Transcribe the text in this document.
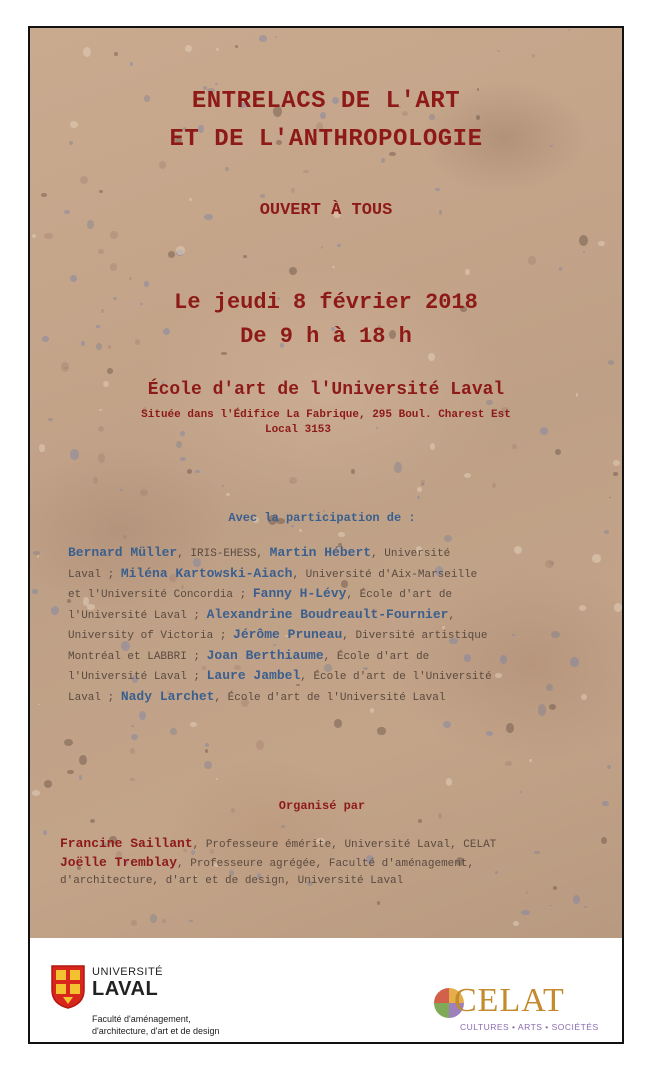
ENTRELACS DE L'ART

ET DE L'ANTHROPOLOGIE

OUVERT À TOUS

Le jeudi 8 février 2018

De 9 h à 18 h

École d'art de l'Université Laval

Située dans l'Édifice La Fabrique, 295 Boul. Charest Est

Local 3153

Avec la participation de :

Bernard Müller, IRIS-EHESS, Martin Hébert, Université

Laval ; Miléna Kartowski-Aiach, Université d'Aix-Marseille

et l'Université Concordia ; Fanny H-Lévy, École d'art de

l'Université Laval ; Alexandrine Boudreault-Fournier,

University of Victoria ; Jérôme Pruneau, Diversité artistique

Montréal et LABBRI ; Joan Berthiaume, École d'art de

l'Université Laval ; Laure Jambel, École d'art de l'Université

Laval ; Nady Larchet, École d'art de l'Université Laval

Organisé par

Francine Saillant, Professeure émérite, Université Laval, CELAT

Joëlle Tremblay, Professeure agrégée, Faculté d'aménagement,

d'architecture, d'art et de design, Université Laval

UNIVERSITÉ
LAVAL
Faculté d'aménagement,
d'architecture, d'art et de design
CELAT
CULTURES • ARTS • SOCIÉTÉS
